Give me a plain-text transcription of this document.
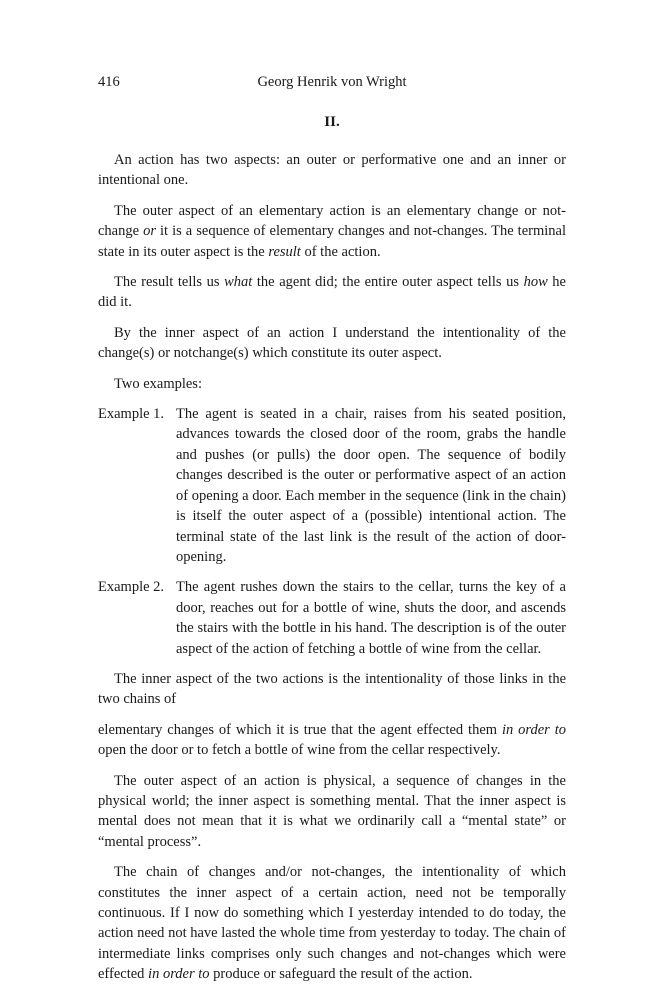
416	Georg Henrik von Wright
II.

An action has two aspects: an outer or performative one and an inner or intentional one.

The outer aspect of an elementary action is an elementary change or not-change or it is a sequence of elementary changes and not-changes. The terminal state in its outer aspect is the result of the action.

The result tells us what the agent did; the entire outer aspect tells us how he did it.

By the inner aspect of an action I understand the intentionality of the change(s) or notchange(s) which constitute its outer aspect.

Two examples:

Example 1. The agent is seated in a chair, raises from his seated position, advances towards the closed door of the room, grabs the handle and pushes (or pulls) the door open. The sequence of bodily changes described is the outer or performative aspect of an action of opening a door. Each member in the sequence (link in the chain) is itself the outer aspect of a (possible) intentional action. The terminal state of the last link is the result of the action of door-opening.
Example 2. The agent rushes down the stairs to the cellar, turns the key of a door, reaches out for a bottle of wine, shuts the door, and ascends the stairs with the bottle in his hand. The description is of the outer aspect of the action of fetching a bottle of wine from the cellar.

The inner aspect of the two actions is the intentionality of those links in the two chains of

elementary changes of which it is true that the agent effected them in order to open the door or to fetch a bottle of wine from the cellar respectively.

The outer aspect of an action is physical, a sequence of changes in the physical world; the inner aspect is something mental. That the inner aspect is mental does not mean that it is what we ordinarily call a “mental state” or “mental process”.

The chain of changes and/or not-changes, the intentionality of which constitutes the inner aspect of a certain action, need not be temporally continuous. If I now do something which I yesterday intended to do today, the action need not have lasted the whole time from yesterday to today. The chain of intermediate links comprises only such changes and not-changes which were effected in order to produce or safeguard the result of the action.
